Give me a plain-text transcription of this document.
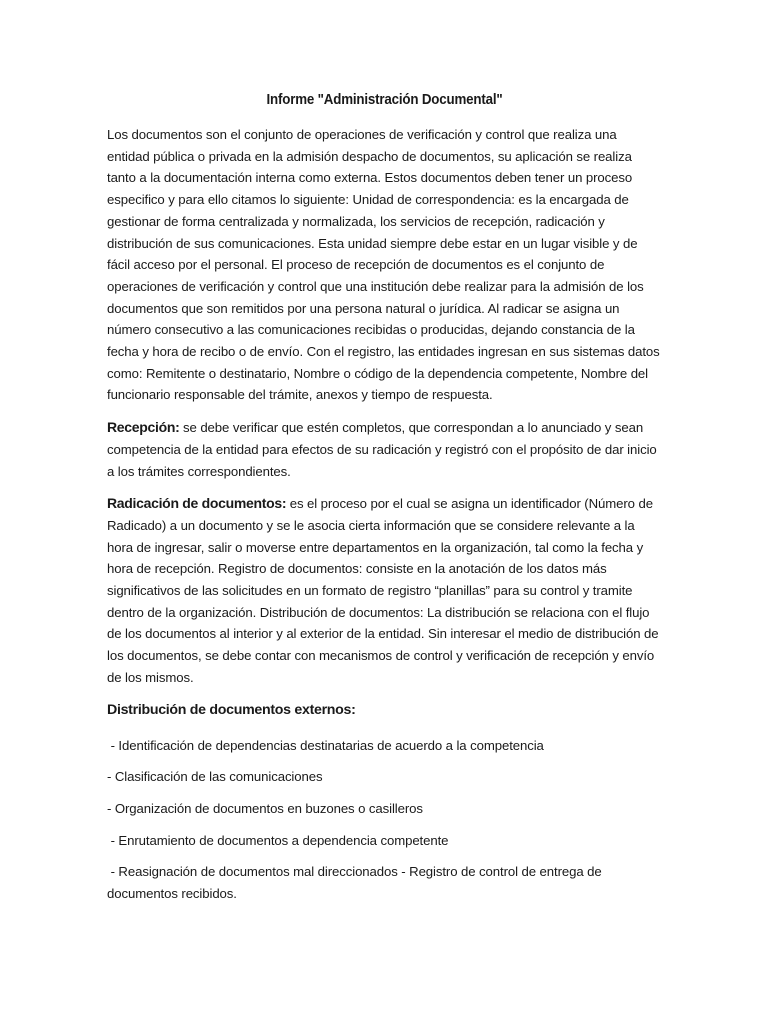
Informe "Administración Documental"

Los documentos son el conjunto de operaciones de verificación y control que realiza una entidad pública o privada en la admisión despacho de documentos, su aplicación se realiza tanto a la documentación interna como externa. Estos documentos deben tener un proceso especifico y para ello citamos lo siguiente: Unidad de correspondencia: es la encargada de gestionar de forma centralizada y normalizada, los servicios de recepción, radicación y distribución de sus comunicaciones. Esta unidad siempre debe estar en un lugar visible y de fácil acceso por el personal. El proceso de recepción de documentos es el conjunto de operaciones de verificación y control que una institución debe realizar para la admisión de los documentos que son remitidos por una persona natural o jurídica. Al radicar se asigna un número consecutivo a las comunicaciones recibidas o producidas, dejando constancia de la fecha y hora de recibo o de envío. Con el registro, las entidades ingresan en sus sistemas datos como: Remitente o destinatario, Nombre o código de la dependencia competente, Nombre del funcionario responsable del trámite, anexos y tiempo de respuesta.

Recepción: se debe verificar que estén completos, que correspondan a lo anunciado y sean competencia de la entidad para efectos de su radicación y registró con el propósito de dar inicio a los trámites correspondientes.

Radicación de documentos: es el proceso por el cual se asigna un identificador (Número de Radicado) a un documento y se le asocia cierta información que se considere relevante a la hora de ingresar, salir o moverse entre departamentos en la organización, tal como la fecha y hora de recepción. Registro de documentos: consiste en la anotación de los datos más significativos de las solicitudes en un formato de registro “planillas” para su control y tramite dentro de la organización. Distribución de documentos: La distribución se relaciona con el flujo de los documentos al interior y al exterior de la entidad. Sin interesar el medio de distribución de los documentos, se debe contar con mecanismos de control y verificación de recepción y envío de los mismos.

Distribución de documentos externos:
- Identificación de dependencias destinatarias de acuerdo a la competencia
- Clasificación de las comunicaciones
- Organización de documentos en buzones o casilleros
- Enrutamiento de documentos a dependencia competente
- Reasignación de documentos mal direccionados - Registro de control de entrega de documentos recibidos.
